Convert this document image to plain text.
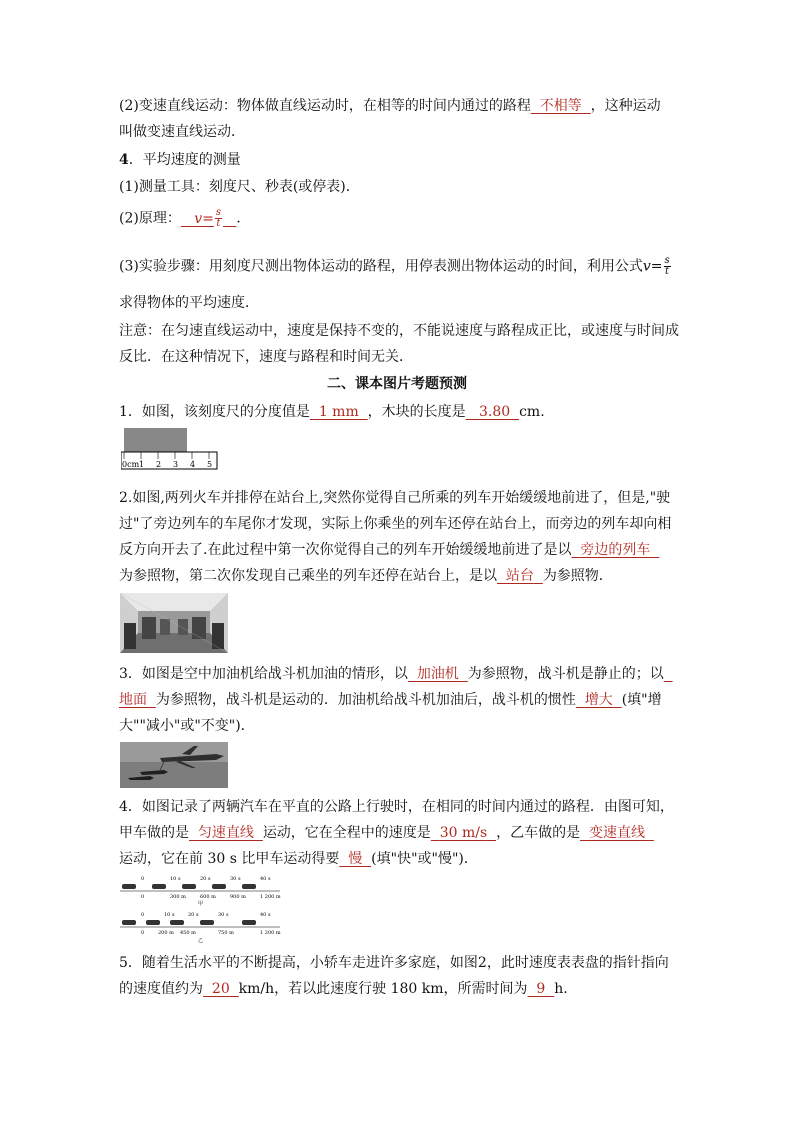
(2)变速直线运动：物体做直线运动时，在相等的时间内通过的路程 不相等 ，这种运动
叫做变速直线运动．
4．平均速度的测量
(1)测量工具：刻度尺、秒表(或停表)．
(2)原理： $v= \frac{s}{t}$ ．
(3)实验步骤：用刻度尺测出物体运动的路程，用停表测出物体运动的时间，利用公式$v= \frac{s}{t}$
求得物体的平均速度．
注意：在匀速直线运动中，速度是保持不变的，不能说速度与路程成正比，或速度与时间成
反比．在这种情况下，速度与路程和时间无关．
二、课本图片考题预测
1．如图，该刻度尺的分度值是 1 mm ，木块的长度是 3.80 cm.
0cm 1 2 3 4 5
2.如图,两列火车并排停在站台上,突然你觉得自己所乘的列车开始缓缓地前进了，但是,"驶
过"了旁边列车的车尾你才发现，实际上你乘坐的列车还停在站台上，而旁边的列车却向相
反方向开去了.在此过程中第一次你觉得自己的列车开始缓缓地前进了是以 旁边的列车
为参照物，第二次你发现自己乘坐的列车还停在站台上，是以 站台 为参照物．
3．如图是空中加油机给战斗机加油的情形，以 加油机 为参照物，战斗机是静止的；以
地面 为参照物，战斗机是运动的．加油机给战斗机加油后，战斗机的惯性 增大 (填"增
大""减小"或"不变")．
4．如图记录了两辆汽车在平直的公路上行驶时，在相同的时间内通过的路程．由图可知，
甲车做的是 匀速直线 运动，它在全程中的速度是 30 m/s ，乙车做的是 变速直线
运动，它在前 30 s 比甲车运动得要 慢 (填"快"或"慢")．
0	10 s	20 s	30 s	40 s
0	300 m	600 m	900 m	1 200 m
甲
0	10 s	20 s	30 s	40 s
0	200 m 450 m	750 m	1 200 m
乙
5．随着生活水平的不断提高，小轿车走进许多家庭，如图2，此时速度表表盘的指针指向
的速度值约为 20 km/h，若以此速度行驶 180 km，所需时间为 9 h.
